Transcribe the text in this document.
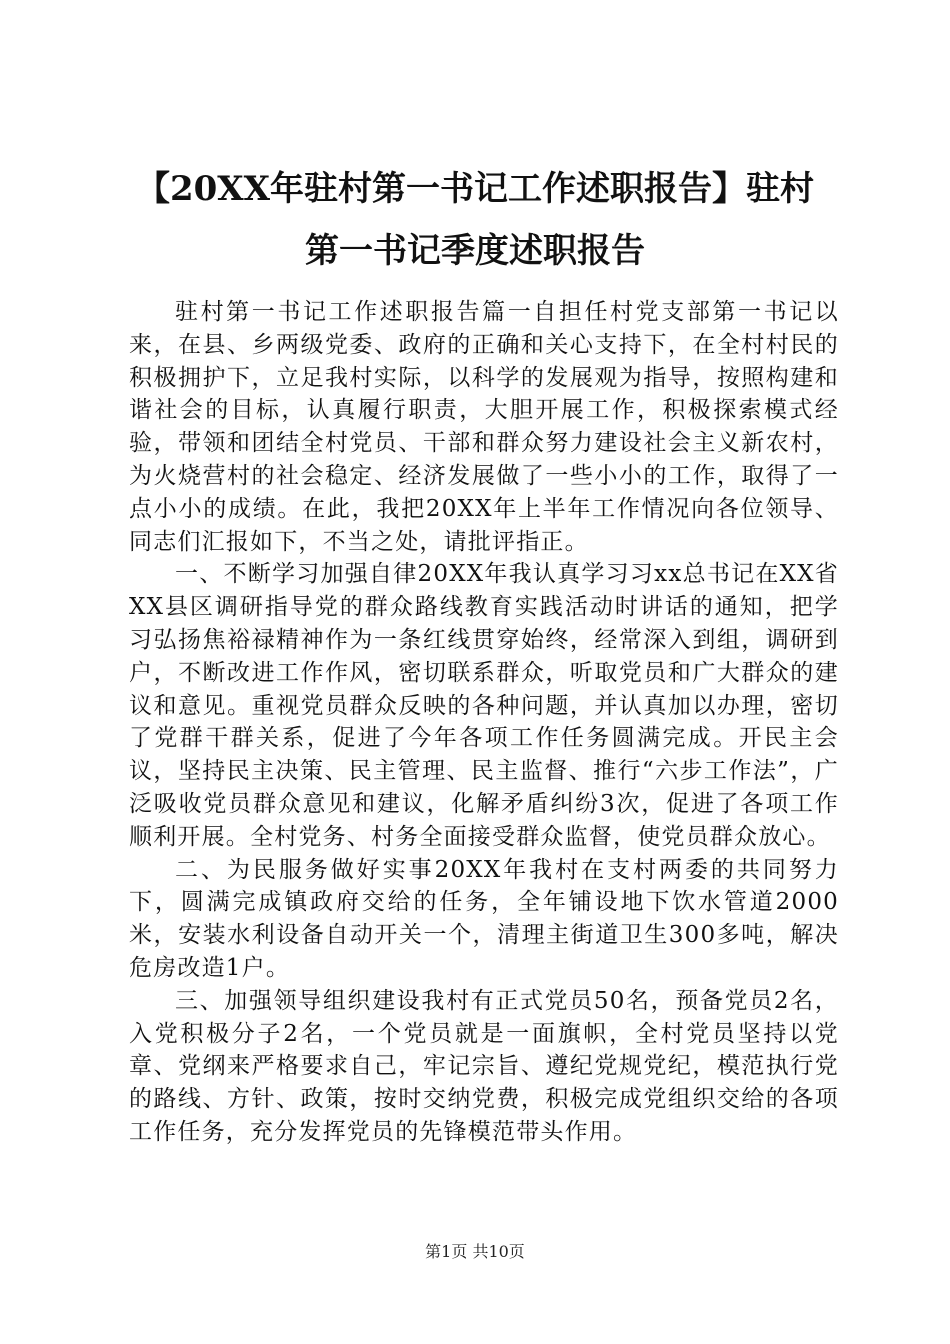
【20XX年驻村第一书记工作述职报告】驻村
第一书记季度述职报告

驻村第一书记工作述职报告篇一自担任村党支部第一书记以来，在县、乡两级党委、政府的正确和关心支持下，在全村村民的积极拥护下，立足我村实际，以科学的发展观为指导，按照构建和谐社会的目标，认真履行职责，大胆开展工作，积极探索模式经验，带领和团结全村党员、干部和群众努力建设社会主义新农村，为火烧营村的社会稳定、经济发展做了一些小小的工作，取得了一点小小的成绩。在此，我把20XX年上半年工作情况向各位领导、同志们汇报如下，不当之处，请批评指正。

一、不断学习加强自律20XX年我认真学习习xx总书记在XX省XX县区调研指导党的群众路线教育实践活动时讲话的通知，把学习弘扬焦裕禄精神作为一条红线贯穿始终，经常深入到组，调研到户，不断改进工作作风，密切联系群众，听取党员和广大群众的建议和意见。重视党员群众反映的各种问题，并认真加以办理，密切了党群干群关系，促进了今年各项工作任务圆满完成。开民主会议，坚持民主决策、民主管理、民主监督、推行“六步工作法”，广泛吸收党员群众意见和建议，化解矛盾纠纷3次，促进了各项工作顺利开展。全村党务、村务全面接受群众监督，使党员群众放心。

二、为民服务做好实事20XX年我村在支村两委的共同努力下，圆满完成镇政府交给的任务，全年铺设地下饮水管道2000米，安装水利设备自动开关一个，清理主街道卫生300多吨，解决危房改造1户。

三、加强领导组织建设我村有正式党员50名，预备党员2名，入党积极分子2名，一个党员就是一面旗帜，全村党员坚持以党章、党纲来严格要求自己，牢记宗旨、遵纪党规党纪，模范执行党的路线、方针、政策，按时交纳党费，积极完成党组织交给的各项工作任务，充分发挥党员的先锋模范带头作用。

第1页 共10页
